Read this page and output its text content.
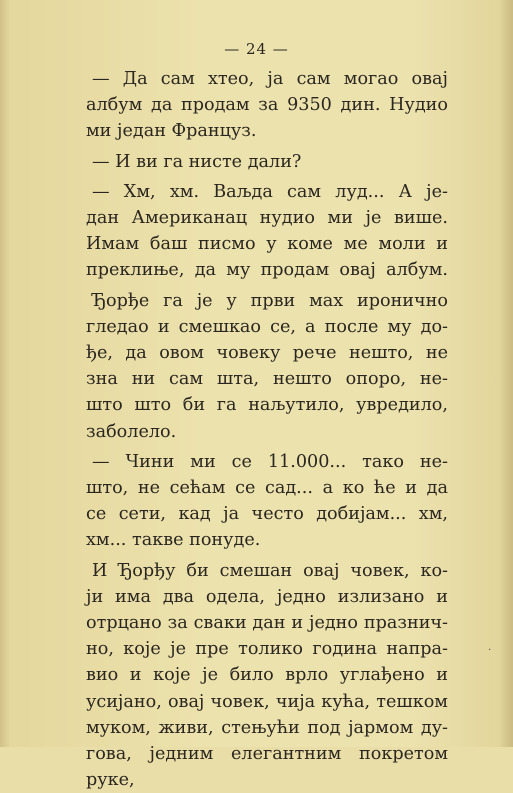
— 24 —

— Да сам хтео, ја сам могао овај

албум да продам за 9350 дин. Нудио

ми један Француз.

— И ви га нисте дали?

— Хм, хм. Ваљда сам луд... А је-

дан Американац нудио ми је више.

Имам баш писмо у коме ме моли и

преклиње, да му продам овај албум.

Ђорђе га је у први мах иронично

гледао и смешкао се, а после му до-

ђе, да овом човеку рече нешто, не

зна ни сам шта, нешто опоро, не-

што што би га наљутило, увредило,

заболело.

— Чини ми се 11.000... тако не-

што, не сећам се сад... а ко ће и да

се сети, кад ја често добијам... хм,

хм... такве понуде.

И Ђорђу би смешан овај човек, ко-

ји има два одела, једно излизано и

отрцано за сваки дан и једно празнич-

но, које је пре толико година напра-

вио и које је било врло углађено и

усијано, овај човек, чија кућа, тешком

муком, живи, стењући под јармом ду-

гова, једним елегантним покретом руке,

·
